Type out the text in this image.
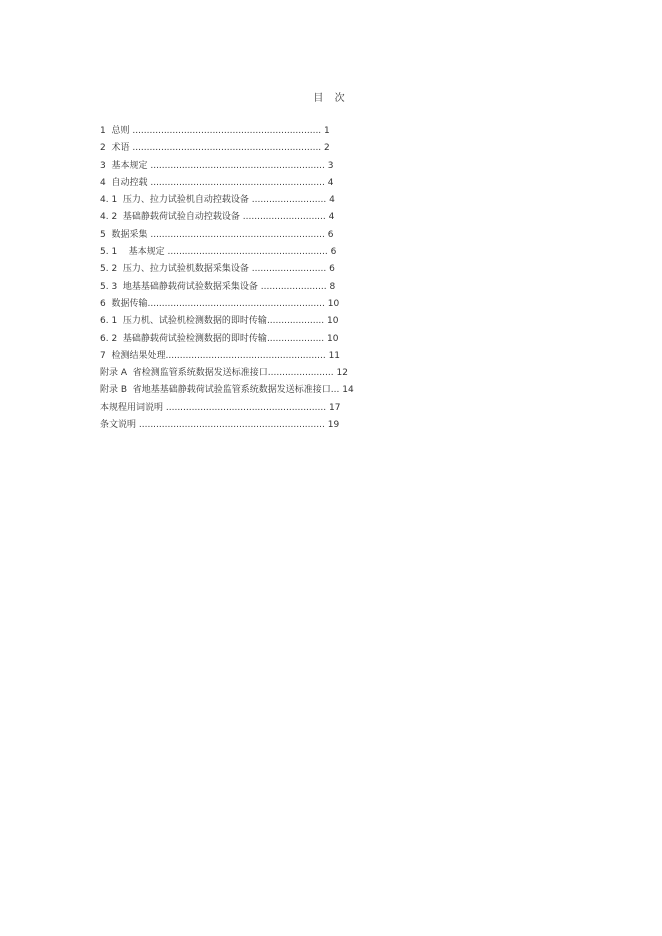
目 次
1 总则 .................................................................. 1
2 术语 .................................................................. 2
3 基本规定 ............................................................. 3
4 自动控载 ............................................................. 4
4. 1 压力、拉力试验机自动控载设备 .......................... 4
4. 2 基础静载荷试验自动控载设备 ............................. 4
5 数据采集 ............................................................. 6
5. 1    基本规定 ........................................................ 6
5. 2 压力、拉力试验机数据采集设备 .......................... 6
5. 3 地基基础静载荷试验数据采集设备 ....................... 8
6 数据传输.............................................................. 10
6. 1 压力机、试验机检测数据的即时传输.................... 10
6. 2 基础静载荷试验检测数据的即时传输.................... 10
7 检测结果处理........................................................ 11
附录 A 省检测监管系统数据发送标准接口....................... 12
附录 B 省地基基础静载荷试验监管系统数据发送标准接口... 14
本规程用词说明 ........................................................ 17
条文说明 ................................................................. 19
